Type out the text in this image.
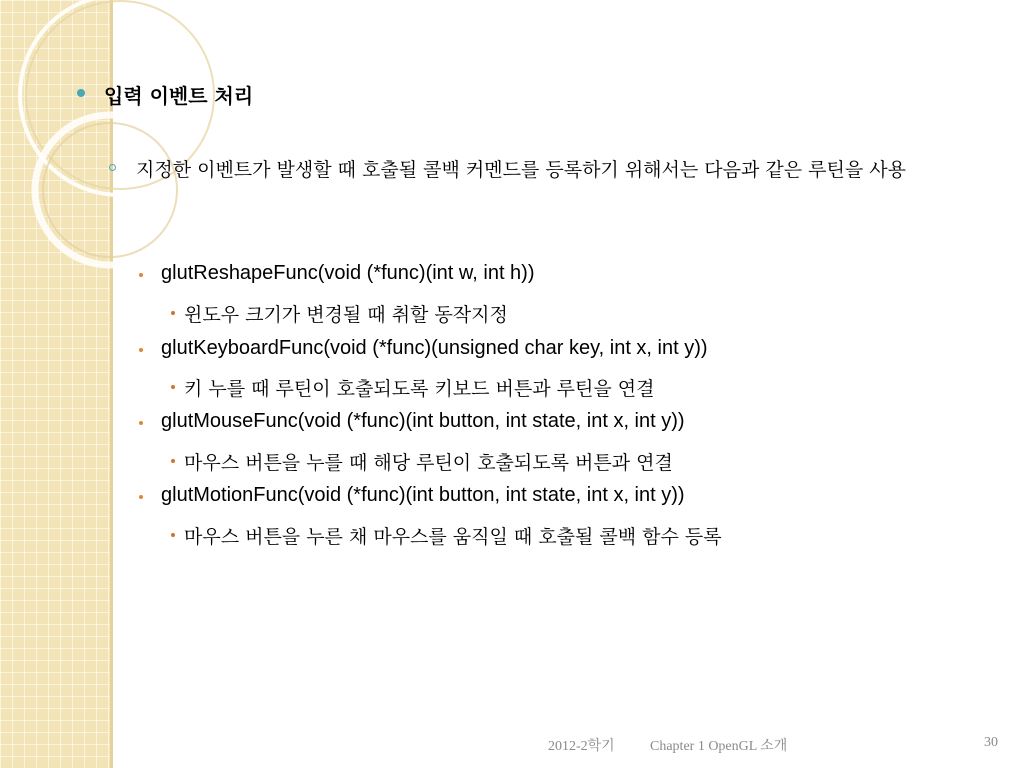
입력 이벤트 처리
지정한 이벤트가 발생할 때 호출될 콜백 커멘드를 등록하기 위해서는 다음과 같은 루틴을 사용
glutReshapeFunc(void (*func)(int w, int h))
윈도우 크기가 변경될 때 취할 동작지정
glutKeyboardFunc(void (*func)(unsigned char key, int x, int y))
키 누를 때 루틴이 호출되도록 키보드 버튼과 루틴을 연결
glutMouseFunc(void (*func)(int button, int state, int x, int y))
마우스 버튼을 누를 때 해당 루틴이 호출되도록 버튼과 연결
glutMotionFunc(void (*func)(int button, int state, int x, int y))
마우스 버튼을 누른 채 마우스를 움직일 때 호출될 콜백 함수 등록
2012-2학기	Chapter 1 OpenGL 소개	30
